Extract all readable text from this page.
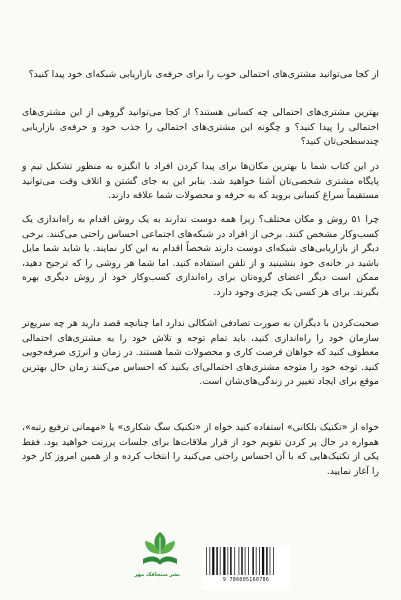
از کجا می‌توانید مشتری‌های احتمالی خوب را برای حرفه‌ی بازاریابی شبکه‌ای خود پیدا کنید؟
بهترین مشتری‌های احتمالی چه کسانی هستند؟ از کجا می‌توانید گروهی از این مشتری‌های احتمالی را پیدا کنید؟ و چگونه این مشتری‌های احتمالی را جذب خود و حرفه‌ی بازاریابی چندسطحی‌تان کنید؟
در این کتاب شما با بهترین مکان‌ها برای پیدا کردن افراد با انگیزه به منظور تشکیل تیم و پایگاه مشتری شخصی‌تان آشنا خواهید شد. بنابر این به جای گشتن و اتلاف وقت می‌توانید مستقیماً سراغ کسانی بروید که به حرفه و محصولات شما علاقه دارند.
چرا ۵۱ روش و مکان مختلف؟ زیرا همه دوست ندارند به یک روش اقدام به راه‌اندازی یک کسب‌وکار مشخص کنند. برخی از افراد در شبکه‌های اجتماعی احساس راحتی می‌کنند. برخی دیگر از بازاریابی‌های شبکه‌ای دوست دارند شخصاً اقدام به این کار نمایند. یا شاید شما مایل باشید در خانه‌ی خود بنشینید و از تلفن استفاده کنید. اما شما هر روشی را که ترجیح دهید، ممکن است دیگر اعضای گروه‌تان برای راه‌اندازی کسب‌وکار خود از روش دیگری بهره بگیرند. برای هر کسی یک چیزی وجود دارد.
صحبت‌کردن با دیگران به صورت تصادفی اشکالی ندارد اما چنانچه قصد دارید هر چه سریع‌تر سازمان خود را راه‌اندازی کنید، باید تمام توجه و تلاش خود را به مشتری‌های احتمالی معطوف کنید که خواهان فرصت کاری و محصولات شما هستند. در زمان و انرژی صرفه‌جویی کنید. توجه خود را متوجه مشتری‌های احتمالی‌ای بکنید که احساس می‌کنند زمان حال بهترین موقع برای ایجاد تغییر در زندگی‌های‌شان است.
خواه از «تکنیک بلکانی» استفاده کنید خواه از «تکنیک سگ شکاری» یا «مهمانی ترفیع رتبه»، همواره در حال پر کردن تقویم خود از قرار ملاقات‌ها برای جلسات پرزنت خواهید بود. فقط یکی از تکنیک‌هایی که با آن احساس راحتی می‌کنید را انتخاب کرده و از همین امروز کار خود را آغاز نمایید.
نشر سنجاقک مهر
9 786005160786
